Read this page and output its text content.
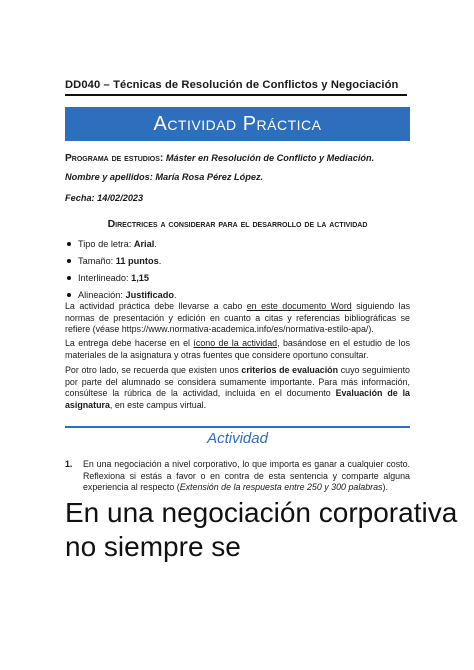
DD040 – Técnicas de Resolución de Conflictos y Negociación
Actividad Práctica
Programa de estudios: Máster en Resolución de Conflicto y Mediación.
Nombre y apellidos: María Rosa Pérez López.
Fecha: 14/02/2023
Directrices a considerar para el desarrollo de la actividad
Tipo de letra: Arial.
Tamaño: 11 puntos.
Interlineado: 1,15
Alineación: Justificado.
La actividad práctica debe llevarse a cabo en este documento Word siguiendo las normas de presentación y edición en cuanto a citas y referencias bibliográficas se refiere (véase https://www.normativa-academica.info/es/normativa-estilo-apa/).
La entrega debe hacerse en el ícono de la actividad, basándose en el estudio de los materiales de la asignatura y otras fuentes que considere oportuno consultar.
Por otro lado, se recuerda que existen unos criterios de evaluación cuyo seguimiento por parte del alumnado se considera sumamente importante. Para más información, consúltese la rúbrica de la actividad, incluida en el documento Evaluación de la asignatura, en este campus virtual.
Actividad
1. En una negociación a nivel corporativo, lo que importa es ganar a cualquier costo. Reflexiona si estás a favor o en contra de esta sentencia y comparte alguna experiencia al respecto (Extensión de la respuesta entre 250 y 300 palabras).
En una negociación corporativa no siempre se
